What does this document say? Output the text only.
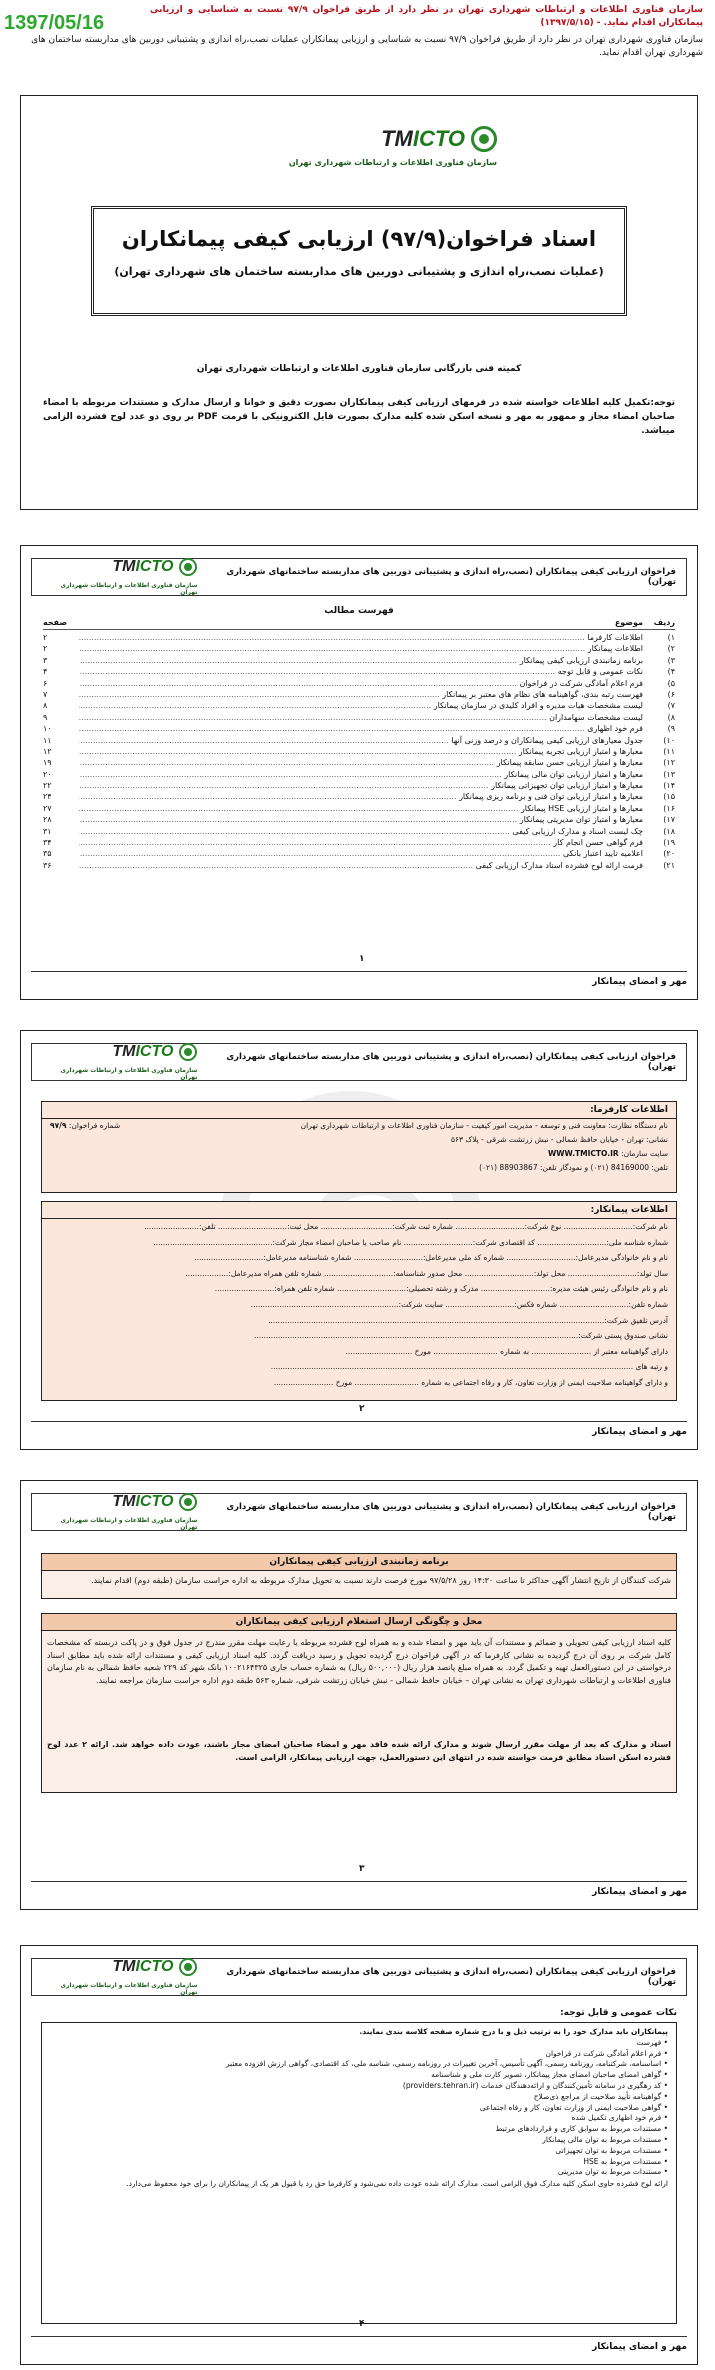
1397/05/16
سازمان فناوری اطلاعات و ارتباطات شهرداری تهران در نظر دارد از طریق فراخوان ۹۷/۹ نسبت به شناسایی و ارزیابی پیمانکاران اقدام نماید. - (۱۳۹۷/۵/۱۵)
سازمان فناوری شهرداری تهران در نظر دارد از طریق فراخوان ۹۷/۹ نسبت به شناسایی و ارزیابی پیمانکاران عملیات نصب،راه اندازی و پشتیبانی دوربین های مداربسته ساختمان های شهرداری تهران اقدام نماید.
TMICTO
سازمان فناوری اطلاعات و ارتباطات شهرداری تهران
اسناد فراخوان(۹۷/۹) ارزیابی کیفی پیمانکاران
(عملیات نصب،راه اندازی و پشتیبانی دوربین های مداربسته ساختمان های شهرداری تهران)
کمیته فنی بازرگانی سازمان فناوری اطلاعات و ارتباطات شهرداری تهران
توجه:تکمیل کلیه اطلاعات خواسته شده در فرمهای ارزیابی کیفی پیمانکاران بصورت دقیق و خوانا و ارسال مدارک و مستندات مربوطه با امضاء صاحبان امضاء مجاز و ممهور به مهر و نسخه اسکن شده کلیه مدارک بصورت فایل الکترونیکی با فرمت PDF بر روی دو عدد لوح فشرده الزامی میباشد.
فراخوان ارزیابی کیفی پیمانکاران (نصب،راه اندازی و پشتیبانی دوربین های مداربسته ساختمانهای شهرداری تهران)
TMICTO
سازمان فناوری اطلاعات و ارتباطات شهرداری تهران
فهرست مطالب
ردیف
موضوع
صفحه
۱)
اطلاعات کارفرما .....
۲
۲)
اطلاعات پیمانکار .....
۲
۳)
برنامه زمانبندی ارزیابی کیفی پیمانکار .....
۳
۴)
نکات عمومی و قابل توجه .....
۴
۵)
فرم اعلام آمادگی شرکت در فراخوان .....
۶
۶)
فهرست رتبه بندی، گواهینامه های نظام های معتبر بر پیمانکار .....
۷
۷)
لیست مشخصات هیات مدیره و افراد کلیدی در سازمان پیمانکار .....
۸
۸)
لیست مشخصات سهامداران .....
۹
۹)
فرم خود اظهاری .....
۱۰
۱۰)
جدول معیارهای ارزیابی کیفی پیمانکاران و درصد وزنی آنها .....
۱۱
۱۱)
معیارها و امتیاز ارزیابی تجربه پیمانکار .....
۱۲
۱۲)
معیارها و امتیاز ارزیابی حسن سابقه پیمانکار .....
۱۹
۱۳)
معیارها و امتیاز ارزیابی توان مالی پیمانکار .....
۲۰
۱۴)
معیارها و امتیاز ارزیابی توان تجهیزاتی پیمانکار .....
۲۲
۱۵)
معیارها و امتیاز ارزیابی توان فنی و برنامه ریزی پیمانکار .....
۲۴
۱۶)
معیارها و امتیاز ارزیابی HSE پیمانکار .....
۲۷
۱۷)
معیارها و امتیاز توان مدیریتی پیمانکار .....
۲۸
۱۸)
چک لیست اسناد و مدارک ارزیابی کیفی .....
۳۱
۱۹)
فرم گواهی حسن انجام کار .....
۳۴
۲۰)
اعلامیه تایید اعتبار بانکی .....
۳۵
۲۱)
فرمت ارائه لوح فشرده اسناد مدارک ارزیابی کیفی .....
۳۶
مهر و امضای پیمانکار
۱
فراخوان ارزیابی کیفی پیمانکاران (نصب،راه اندازی و پشتیبانی دوربین های مداربسته ساختمانهای شهرداری تهران)
TMICTO
سازمان فناوری اطلاعات و ارتباطات شهرداری تهران
اطلاعات کارفرما:
نام دستگاه نظارت: معاونت فنی و توسعه - مدیریت امور کیفیت - سازمان فناوری اطلاعات و ارتباطات شهرداری تهران
شماره فراخوان: ۹۷/۹
نشانی: تهران - خیابان حافظ شمالی - نبش زرتشت شرقی - پلاک ۵۶۳
سایت سازمان: WWW.TMICTO.IR
تلفن: 84169000 (۰۲۱) و نمودگار تلفن: 88903867 (۰۲۱)
اطلاعات پیمانکار:
نام شرکت:............................. نوع شرکت:............................. شماره ثبت شرکت:.............................. محل ثبت:............................. تلفن:.......................
شماره شناسه ملی:............................. کد اقتصادی شرکت:............................. نام صاحب یا صاحبان امضاء مجاز شرکت:..................................................
نام و نام خانوادگی مدیرعامل:............................. شماره کد ملی مدیرعامل:............................. شماره شناسنامه مدیرعامل:.............................
سال تولد:............................. محل تولد:............................. محل صدور شناسنامه:............................. شماره تلفن همراه مدیرعامل:..................
نام و نام خانوادگی رئیس هیئت مدیره:............................. مدرک و رشته تحصیلی:............................. شماره تلفن همراه:.........................
شماره تلفن:............................. شماره فکس:............................. سایت شرکت:..............................................................
آدرس تلفیق شرکت:.............................................................................................................................................
نشانی صندوق پستی شرکت:........................................................................................................................................
دارای گواهینامه معتبر از ......................... به شماره ........................... مورخ ............................
و رتبه های ........................................................................................................................................................
و دارای گواهینامه صلاحیت ایمنی از وزارت تعاون، کار و رفاه اجتماعی به شماره ........................... مورخ .........................
مهر و امضای پیمانکار
۲
فراخوان ارزیابی کیفی پیمانکاران (نصب،راه اندازی و پشتیبانی دوربین های مداربسته ساختمانهای شهرداری تهران)
TMICTO
سازمان فناوری اطلاعات و ارتباطات شهرداری تهران
برنامه زمانبندی ارزیابی کیفی پیمانکاران
شرکت کنندگان از تاریخ انتشار آگهی حداکثر تا ساعت ۱۴:۳۰ روز ۹۷/۵/۲۸ مورخ فرصت دارند نسبت به تحویل مدارک مربوطه به اداره حراست سازمان (طبقه دوم) اقدام نمایند.
محل و چگونگی ارسال استعلام ارزیابی کیفی پیمانکاران
کلیه اسناد ارزیابی کیفی تحویلی و ضمائم و مستندات آن باید مهر و امضاء شده و به همراه لوح فشرده مربوطه با رعایت مهلت مقرر مندرج در جدول فوق و در پاکت دربسته که مشخصات کامل شرکت بر روی آن درج گردیده به نشانی کارفرما که در آگهی فراخوان درج گردیده تحویل و رسید دریافت گردد. کلیه اسناد ارزیابی کیفی و مستندات ارائه شده باید مطابق اسناد درخواستی در این دستورالعمل تهیه و تکمیل گردد. به همراه مبلغ پانصد هزار ریال (۵۰۰,۰۰۰ ریال) به شماره حساب جاری ۱۰۰۲۱۶۴۳۲۵ بانک شهر کد ۲۲۹ شعبه حافظ شمالی به نام سازمان فناوری اطلاعات و ارتباطات شهرداری تهران به نشانی تهران – خیابان حافظ شمالی - نبش خیابان زرتشت شرقی، شماره ۵۶۳ طبقه دوم اداره حراست سازمان مراجعه نمایند.
اسناد و مدارک که بعد از مهلت مقرر ارسال شوند و مدارک ارائه شده فاقد مهر و امضاء صاحبان امضای مجاز باشند، عودت داده خواهد شد. ارائه ۲ عدد لوح فشرده اسکن اسناد مطابق فرمت خواسته شده در انتهای این دستورالعمل، جهت ارزیابی پیمانکار، الزامی است.
مهر و امضای پیمانکار
۳
فراخوان ارزیابی کیفی پیمانکاران (نصب،راه اندازی و پشتیبانی دوربین های مداربسته ساختمانهای شهرداری تهران)
TMICTO
سازمان فناوری اطلاعات و ارتباطات شهرداری تهران
نکات عمومی و قابل توجه:
پیمانکاران باید مدارک خود را به ترتیب ذیل و با درج شماره صفحه کلاسه بندی نمایند.
• فهرست
• فرم اعلام آمادگی شرکت در فراخوان
• اساسنامه، شرکتنامه، روزنامه رسمی، آگهی تأسیس، آخرین تغییرات در روزنامه رسمی، شناسه ملی، کد اقتصادی، گواهی ارزش افزوده معتبر
• گواهی امضای صاحبان امضای مجاز پیمانکار، تصویر کارت ملی و شناسنامه
• کد رهگیری در سامانه تأمین‌کنندگان و ارائه‌دهندگان خدمات (providers.tehran.ir)
• گواهینامه تأیید صلاحیت از مراجع ذی‌صلاح
• گواهی صلاحیت ایمنی از وزارت تعاون، کار و رفاه اجتماعی
• فرم خود اظهاری تکمیل شده
• مستندات مربوط به سوابق کاری و قراردادهای مرتبط
• مستندات مربوط به توان مالی پیمانکار
• مستندات مربوط به توان تجهیزاتی
• مستندات مربوط به HSE
• مستندات مربوط به توان مدیریتی
ارائه لوح فشرده حاوی اسکن کلیه مدارک فوق الزامی است. مدارک ارائه شده عودت داده نمی‌شود و کارفرما حق رد یا قبول هر یک از پیمانکاران را برای خود محفوظ می‌دارد.
مهر و امضای پیمانکار
۴
